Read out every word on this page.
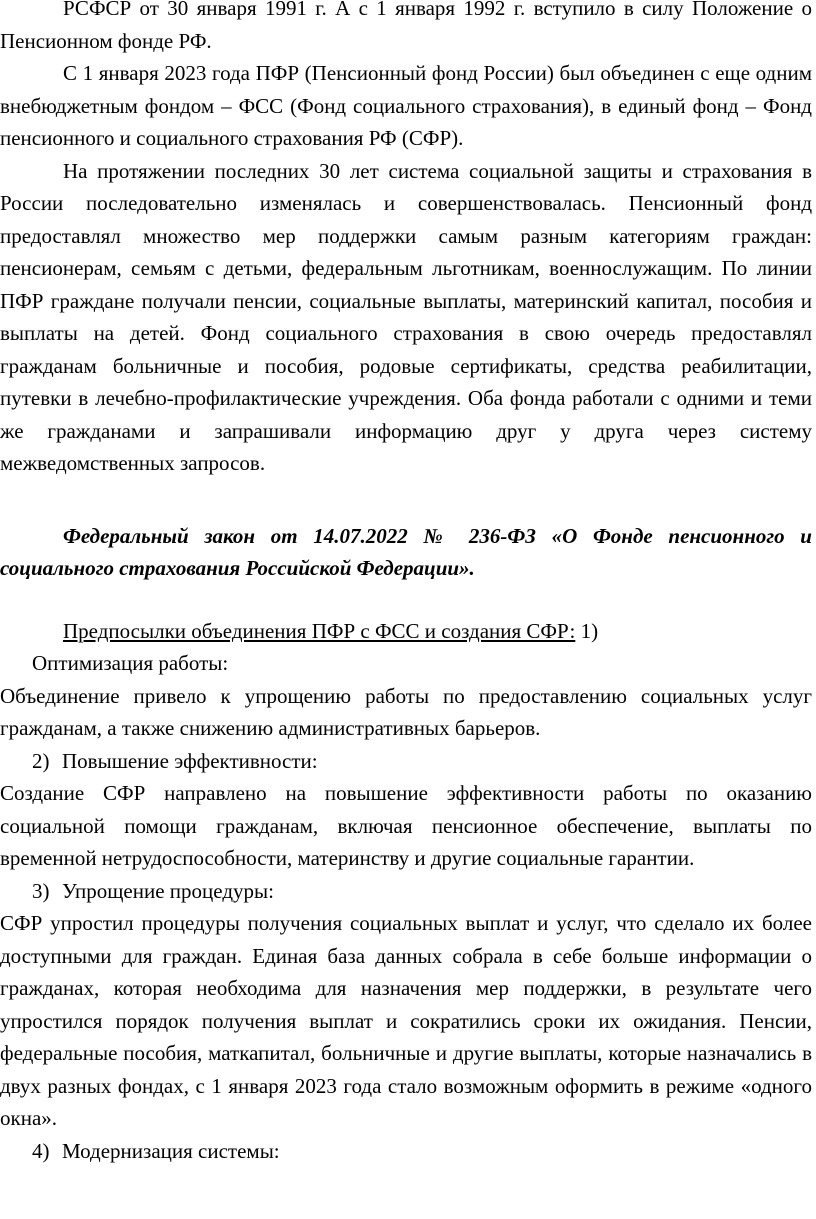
РСФСР от 30 января 1991 г. А с 1 января 1992 г. вступило в силу Положение о Пенсионном фонде РФ.

С 1 января 2023 года ПФР (Пенсионный фонд России) был объединен с еще одним внебюджетным фондом – ФСС (Фонд социального страхования), в единый фонд – Фонд пенсионного и социального страхования РФ (СФР).

На протяжении последних 30 лет система социальной защиты и страхования в России последовательно изменялась и совершенствовалась. Пенсионный фонд предоставлял множество мер поддержки самым разным категориям граждан: пенсионерам, семьям с детьми, федеральным льготникам, военнослужащим. По линии ПФР граждане получали пенсии, социальные выплаты, материнский капитал, пособия и выплаты на детей. Фонд социального страхования в свою очередь предоставлял гражданам больничные и пособия, родовые сертификаты, средства реабилитации, путевки в лечебно-профилактические учреждения. Оба фонда работали с одними и теми же гражданами и запрашивали информацию друг у друга через систему межведомственных запросов.

Федеральный закон от 14.07.2022 № 236-ФЗ «О Фонде пенсионного и социального страхования Российской Федерации».

Предпосылки объединения ПФР с ФСС и создания СФР: 1)

Оптимизация работы:

Объединение привело к упрощению работы по предоставлению социальных услуг гражданам, а также снижению административных барьеров.

2) Повышение эффективности:

Создание СФР направлено на повышение эффективности работы по оказанию социальной помощи гражданам, включая пенсионное обеспечение, выплаты по временной нетрудоспособности, материнству и другие социальные гарантии.

3) Упрощение процедуры:

СФР упростил процедуры получения социальных выплат и услуг, что сделало их более доступными для граждан. Единая база данных собрала в себе больше информации о гражданах, которая необходима для назначения мер поддержки, в результате чего упростился порядок получения выплат и сократились сроки их ожидания. Пенсии, федеральные пособия, маткапитал, больничные и другие выплаты, которые назначались в двух разных фондах, с 1 января 2023 года стало возможным оформить в режиме «одного окна».

4) Модернизация системы:
